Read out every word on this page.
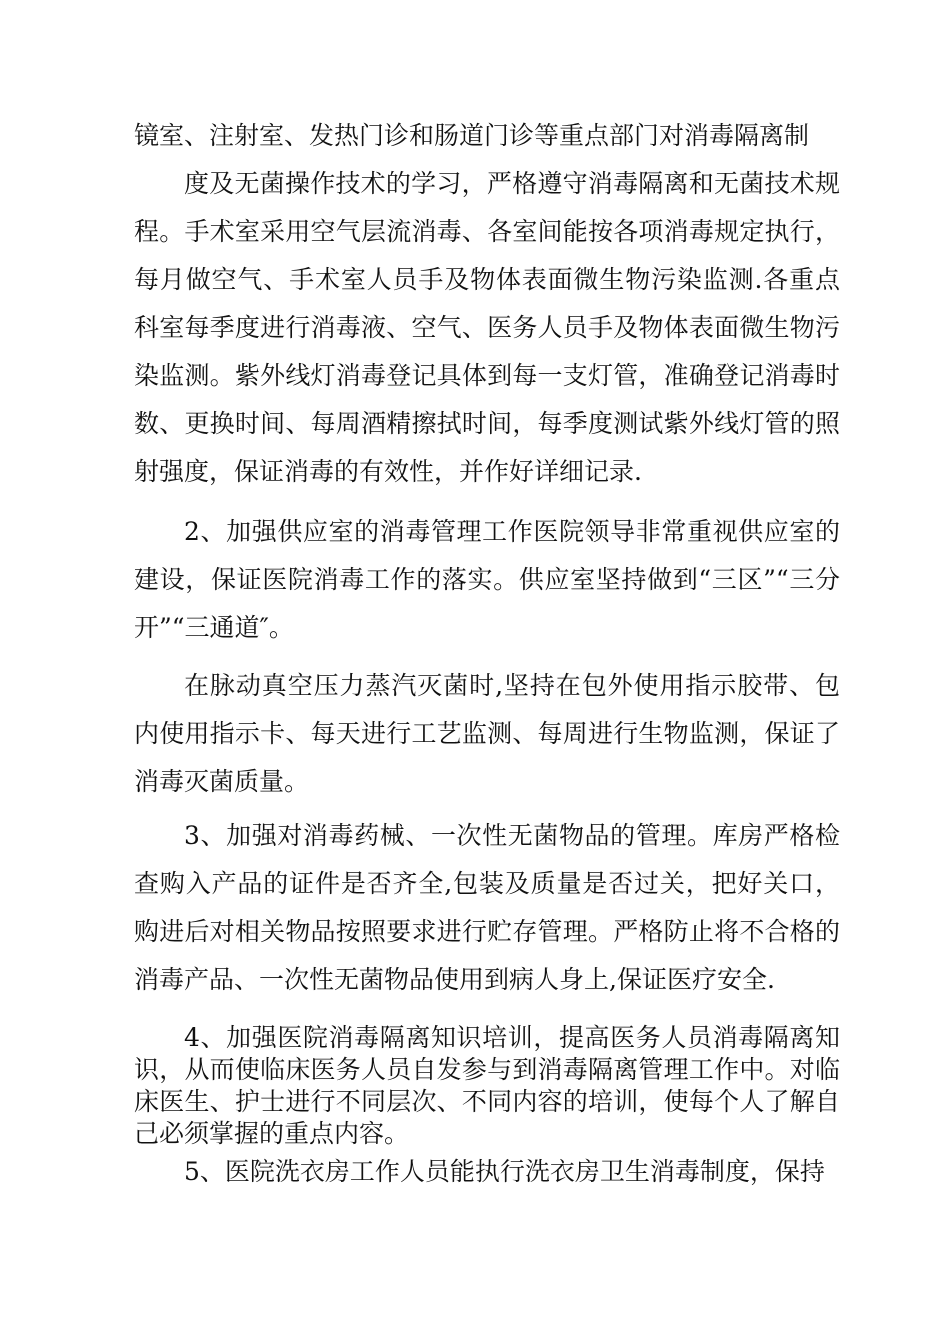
镜室、注射室、发热门诊和肠道门诊等重点部门对消毒隔离制

度及无菌操作技术的学习，严格遵守消毒隔离和无菌技术规程。手术室采用空气层流消毒、各室间能按各项消毒规定执行，每月做空气、手术室人员手及物体表面微生物污染监测.各重点科室每季度进行消毒液、空气、医务人员手及物体表面微生物污染监测。紫外线灯消毒登记具体到每一支灯管，准确登记消毒时数、更换时间、每周酒精擦拭时间，每季度测试紫外线灯管的照射强度，保证消毒的有效性，并作好详细记录.

2、加强供应室的消毒管理工作医院领导非常重视供应室的建设，保证医院消毒工作的落实。供应室坚持做到“三区”“三分开”“三通道″。

在脉动真空压力蒸汽灭菌时,坚持在包外使用指示胶带、包内使用指示卡、每天进行工艺监测、每周进行生物监测，保证了消毒灭菌质量。

3、加强对消毒药械、一次性无菌物品的管理。库房严格检查购入产品的证件是否齐全,包装及质量是否过关，把好关口，购进后对相关物品按照要求进行贮存管理。严格防止将不合格的消毒产品、一次性无菌物品使用到病人身上,保证医疗安全.

4、加强医院消毒隔离知识培训，提高医务人员消毒隔离知识，从而使临床医务人员自发参与到消毒隔离管理工作中。对临床医生、护士进行不同层次、不同内容的培训，使每个人了解自己必须掌握的重点内容。

5、医院洗衣房工作人员能执行洗衣房卫生消毒制度，保持
